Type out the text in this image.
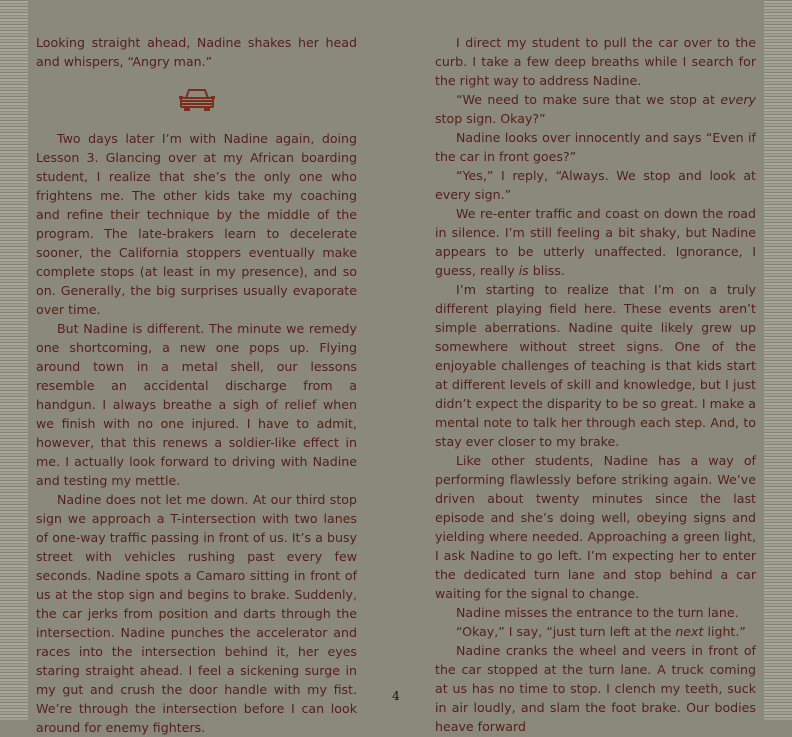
Looking straight ahead, Nadine shakes her head and whispers, “Angry man.”

Two days later I’m with Nadine again, doing Lesson 3. Glancing over at my African boarding student, I realize that she’s the only one who frightens me. The other kids take my coaching and refine their technique by the middle of the program. The late-brakers learn to decelerate sooner, the California stoppers eventually make complete stops (at least in my presence), and so on. Generally, the big surprises usually evaporate over time.

But Nadine is different. The minute we remedy one shortcoming, a new one pops up. Flying around town in a metal shell, our lessons resemble an accidental discharge from a handgun. I always breathe a sigh of relief when we finish with no one injured. I have to admit, however, that this renews a soldier-like effect in me. I actually look forward to driving with Nadine and testing my mettle.

Nadine does not let me down. At our third stop sign we approach a T-intersection with two lanes of one-way traffic passing in front of us. It’s a busy street with vehicles rushing past every few seconds. Nadine spots a Camaro sitting in front of us at the stop sign and begins to brake. Suddenly, the car jerks from position and darts through the intersection. Nadine punches the accelerator and races into the intersection behind it, her eyes staring straight ahead. I feel a sickening surge in my gut and crush the door handle with my fist. We’re through the intersection before I can look around for enemy fighters.

I direct my student to pull the car over to the curb. I take a few deep breaths while I search for the right way to address Nadine.

“We need to make sure that we stop at every stop sign. Okay?”

Nadine looks over innocently and says “Even if the car in front goes?”

“Yes,” I reply, “Always. We stop and look at every sign.”

We re-enter traffic and coast on down the road in silence. I’m still feeling a bit shaky, but Nadine appears to be utterly unaffected. Ignorance, I guess, really is bliss.

I’m starting to realize that I’m on a truly different playing field here. These events aren’t simple aberrations. Nadine quite likely grew up somewhere without street signs. One of the enjoyable challenges of teaching is that kids start at different levels of skill and knowledge, but I just didn’t expect the disparity to be so great. I make a mental note to talk her through each step. And, to stay ever closer to my brake.

Like other students, Nadine has a way of performing flawlessly before striking again. We’ve driven about twenty minutes since the last episode and she’s doing well, obeying signs and yielding where needed. Approaching a green light, I ask Nadine to go left. I’m expecting her to enter the dedicated turn lane and stop behind a car waiting for the signal to change.

Nadine misses the entrance to the turn lane.

“Okay,” I say, “just turn left at the next light.”

Nadine cranks the wheel and veers in front of the car stopped at the turn lane. A truck coming at us has no time to stop. I clench my teeth, suck in air loudly, and slam the foot brake. Our bodies heave forward

4
